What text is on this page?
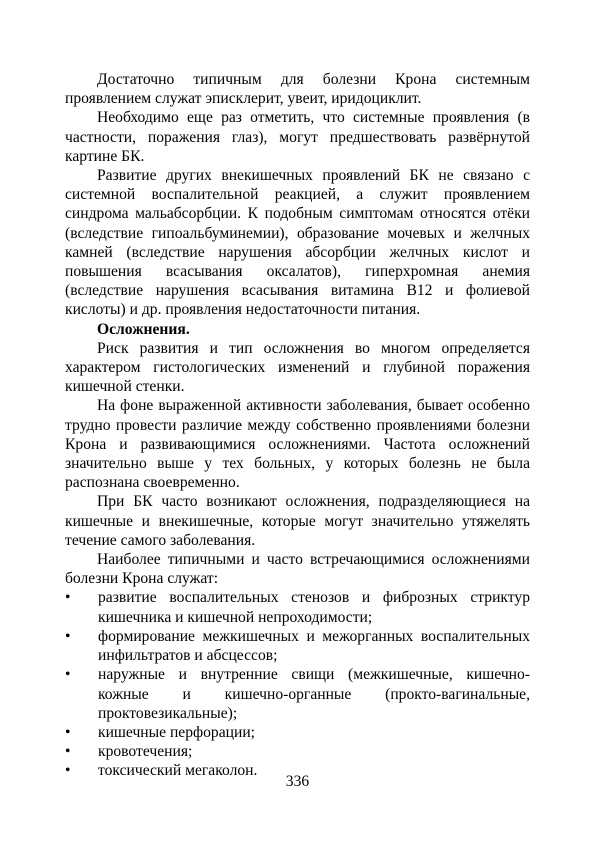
Достаточно типичным для болезни Крона системным проявлением служат эписклерит, увеит, иридоциклит.

Необходимо еще раз отметить, что системные проявления (в частности, поражения глаз), могут предшествовать развёрнутой картине БК.

Развитие других внекишечных проявлений БК не связано с системной воспалительной реакцией, а служит проявлением синдрома мальабсорбции. К подобным симптомам относятся отёки (вследствие гипоальбуминемии), образование мочевых и желчных камней (вследствие нарушения абсорбции желчных кислот и повышения всасывания оксалатов), гиперхромная анемия (вследствие нарушения всасывания витамина B12 и фолиевой кислоты) и др. проявления недостаточности питания.

Осложнения.

Риск развития и тип осложнения во многом определяется характером гистологических изменений и глубиной поражения кишечной стенки.

На фоне выраженной активности заболевания, бывает особенно трудно провести различие между собственно проявлениями болезни Крона и развивающимися осложнениями. Частота осложнений значительно выше у тех больных, у которых болезнь не была распознана своевременно.

При БК часто возникают осложнения, подразделяющиеся на кишечные и внекишечные, которые могут значительно утяжелять течение самого заболевания.

Наиболее типичными и часто встречающимися осложнениями болезни Крона служат:

• развитие воспалительных стенозов и фиброзных стриктур кишечника и кишечной непроходимости;
• формирование межкишечных и межорганных воспалительных инфильтратов и абсцессов;
• наружные и внутренние свищи (межкишечные, кишечно-кожные и кишечно-органные (прокто-вагинальные, проктовезикальные);
• кишечные перфорации;
• кровотечения;
• токсический мегаколон.
336
